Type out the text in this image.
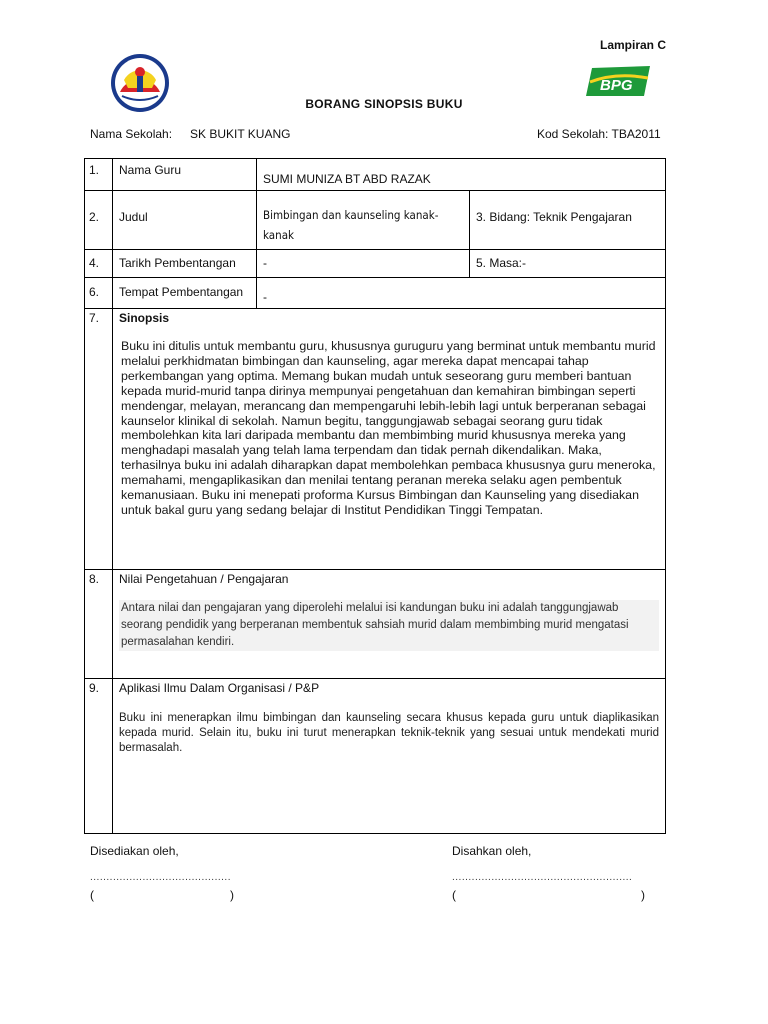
Lampiran C
BPG
BORANG SINOPSIS BUKU
Nama Sekolah: SK BUKIT KUANG	Kod Sekolah: TBA2011
1.	Nama Guru	SUMI MUNIZA BT ABD RAZAK	

2.	Judul	Bimbingan dan kaunseling kanak-kanak	3. Bidang: Teknik Pengajaran

4.	Tarikh Pembentangan	-	5. Masa:-

6.	Tempat Pembentangan	-	

7.	Sinopsis
Buku ini ditulis untuk membantu guru, khususnya guruguru yang berminat untuk membantu murid melalui perkhidmatan bimbingan dan kaunseling, agar mereka dapat mencapai tahap perkembangan yang optima. Memang bukan mudah untuk seseorang guru memberi bantuan kepada murid-murid tanpa dirinya mempunyai pengetahuan dan kemahiran bimbingan seperti mendengar, melayan, merancang dan mempengaruhi lebih-lebih lagi untuk berperanan sebagai kaunselor klinikal di sekolah. Namun begitu, tanggungjawab sebagai seorang guru tidak membolehkan kita lari daripada membantu dan membimbing murid khususnya mereka yang menghadapi masalah yang telah lama terpendam dan tidak pernah dikendalikan. Maka, terhasilnya buku ini adalah diharapkan dapat membolehkan pembaca khususnya guru meneroka, memahami, mengaplikasikan dan menilai tentang peranan mereka selaku agen pembentuk kemanusiaan. Buku ini menepati proforma Kursus Bimbingan dan Kaunseling yang disediakan untuk bakal guru yang sedang belajar di Institut Pendidikan Tinggi Tempatan.		

8.	Nilai Pengetahuan / Pengajaran
Antara nilai dan pengajaran yang diperolehi melalui isi kandungan buku ini adalah tanggungjawab seorang pendidik yang berperanan membentuk sahsiah murid dalam membimbing murid mengatasi permasalahan kendiri.		

9.	Aplikasi Ilmu Dalam Organisasi / P&P
Buku ini menerapkan ilmu bimbingan dan kaunseling secara khusus kepada guru untuk diaplikasikan kepada murid. Selain itu, buku ini turut menerapkan teknik-teknik yang sesuai untuk mendekati murid bermasalah.		
Disediakan oleh,	Disahkan oleh,
...........................................	.......................................................
(	)	(	)
